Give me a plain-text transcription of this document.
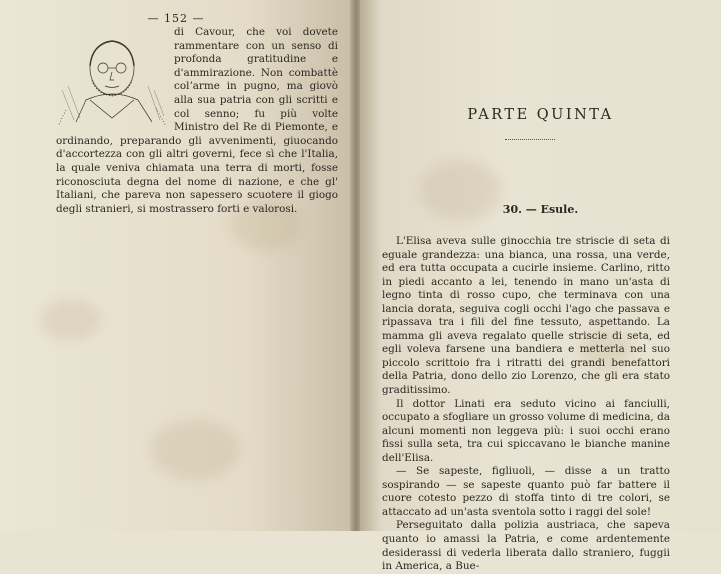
— 152 —

di Cavour, che voi dovete rammentare con un senso di profonda gratitudine e d'ammirazione. Non combattè colʼarme in pugno, ma giovò alla sua patria con gli scritti e col senno; fu più volte Ministro del Re di Piemonte, e ordinando, preparando gli avvenimenti, giuocando d'accortezza con gli altri governi, fece sì che l'Italia, la quale veniva chiamata una terra di morti, fosse riconosciuta degna del nome di nazione, e che gl' Italiani, che pareva non sapessero scuotere il giogo degli stranieri, si mostrassero forti e valorosi.

PARTE QUINTA
30. — Esule.

L'Elisa aveva sulle ginocchia tre striscie di seta di eguale grandezza: una bianca, una rossa, una verde, ed era tutta occupata a cucirle insieme. Carlino, ritto in piedi accanto a lei, tenendo in mano un'asta di legno tinta di rosso cupo, che terminava con una lancia dorata, seguiva cogli occhi l'ago che passava e ripassava tra i fili del fine tessuto, aspettando. La mamma gli aveva regalato quelle striscie di seta, ed egli voleva farsene una bandiera e metterla nel suo piccolo scrittoio fra i ritratti dei grandi benefattori della Patria, dono dello zio Lorenzo, che gli era stato graditissimo.

Il dottor Linati era seduto vicino ai fanciulli, occupato a sfogliare un grosso volume di medicina, da alcuni momenti non leggeva più: i suoi occhi erano fissi sulla seta, tra cui spiccavano le bianche manine dell'Elisa.

— Se sapeste, figliuoli, — disse a un tratto sospirando — se sapeste quanto può far battere il cuore cotesto pezzo di stoffa tinto di tre colori, se attaccato ad un'asta sventola sotto i raggi del sole!

Perseguitato dalla polizia austriaca, che sapeva quanto io amassi la Patria, e come ardentemente desiderassi di vederla liberata dallo straniero, fuggii in America, a Bue-
